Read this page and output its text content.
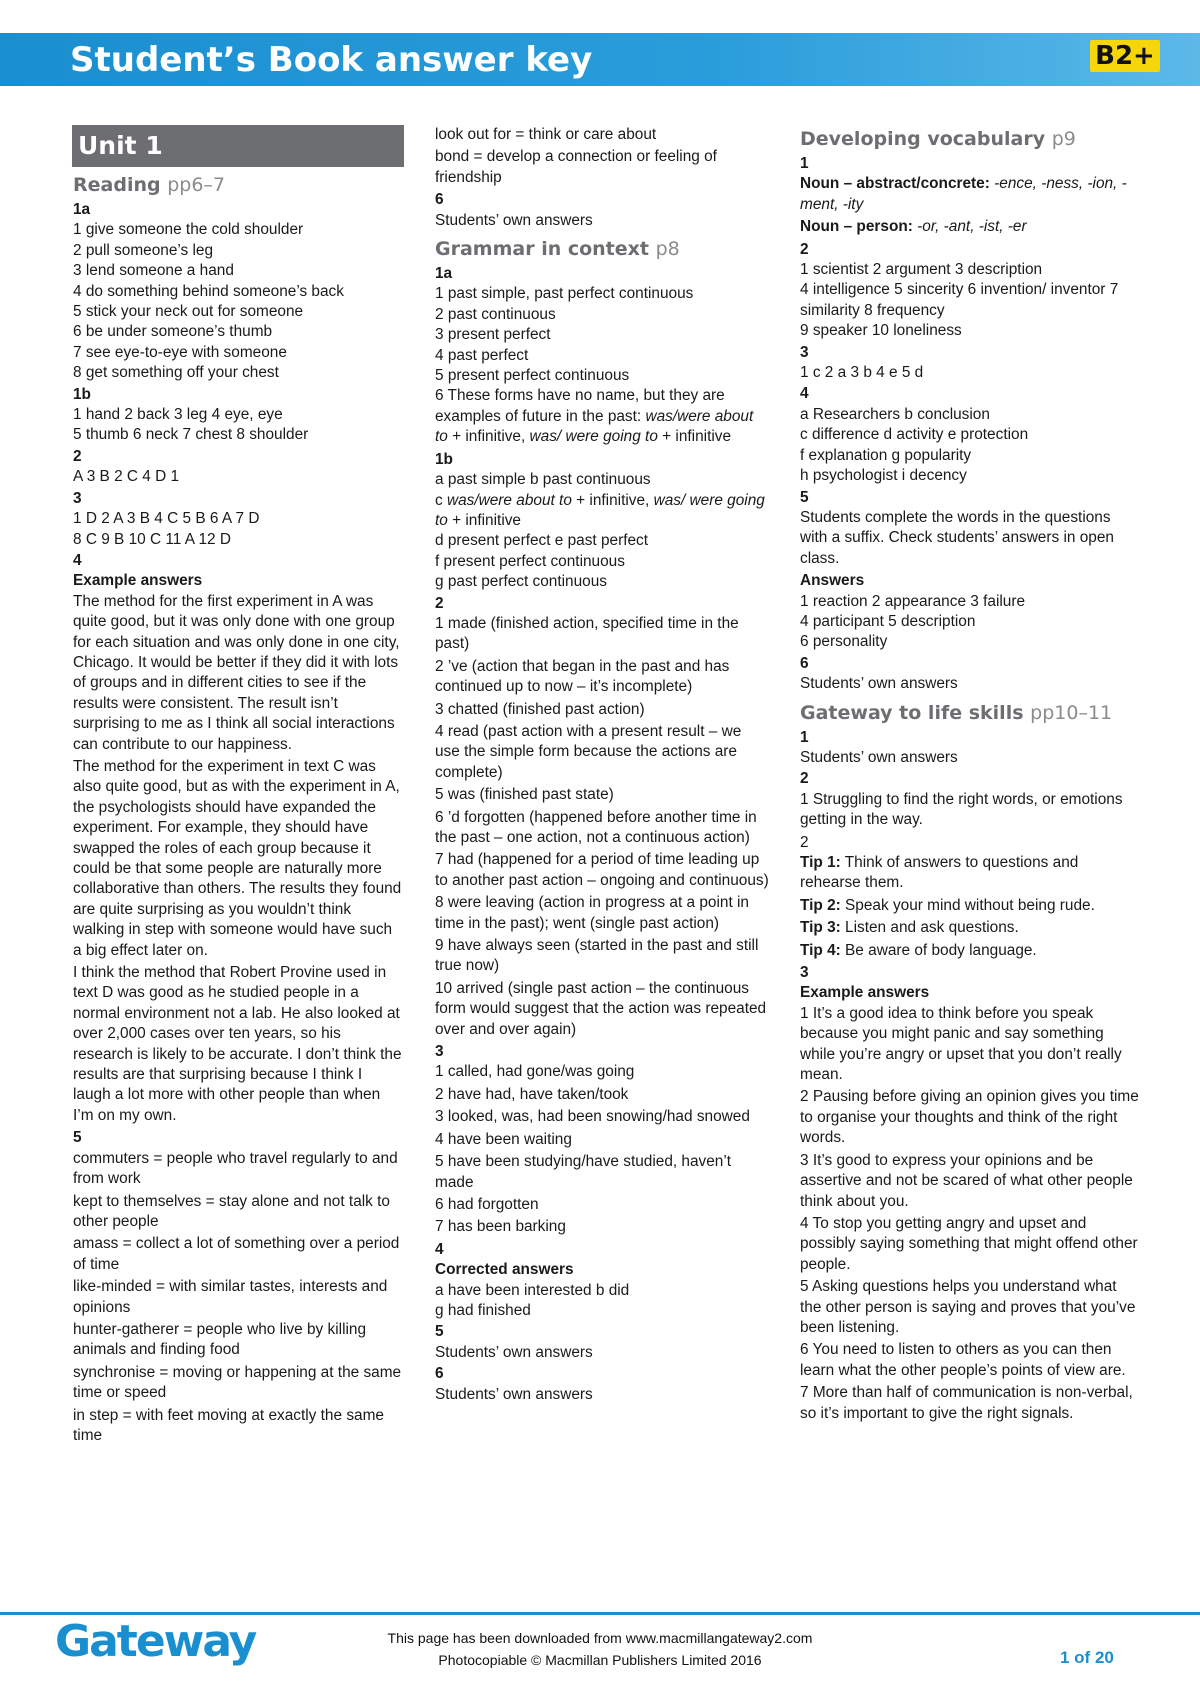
Student’s Book answer key	B2+
Unit 1
Reading pp6–7
1a
1 give someone the cold shoulder
2 pull someone’s leg
3 lend someone a hand
4 do something behind someone’s back
5 stick your neck out for someone
6 be under someone’s thumb
7 see eye-to-eye with someone
8 get something off your chest
1b
1 hand 2 back 3 leg 4 eye, eye
5 thumb 6 neck 7 chest 8 shoulder
2
A 3 B 2 C 4 D 1
3
1 D 2 A 3 B 4 C 5 B 6 A 7 D
8 C 9 B 10 C 11 A 12 D
4
Example answers
The method for the first experiment in A was quite good, but it was only done with one group for each situation and was only done in one city, Chicago. It would be better if they did it with lots of groups and in different cities to see if the results were consistent. The result isn’t surprising to me as I think all social interactions can contribute to our happiness.
The method for the experiment in text C was also quite good, but as with the experiment in A, the psychologists should have expanded the experiment. For example, they should have swapped the roles of each group because it could be that some people are naturally more collaborative than others. The results they found are quite surprising as you wouldn’t think walking in step with someone would have such a big effect later on.
I think the method that Robert Provine used in text D was good as he studied people in a normal environment not a lab. He also looked at over 2,000 cases over ten years, so his research is likely to be accurate. I don’t think the results are that surprising because I think I laugh a lot more with other people than when I’m on my own.
5
commuters = people who travel regularly to and from work
kept to themselves = stay alone and not talk to other people
amass = collect a lot of something over a period of time
like-minded = with similar tastes, interests and opinions
hunter-gatherer = people who live by killing animals and finding food
synchronise = moving or happening at the same time or speed
in step = with feet moving at exactly the same time
look out for = think or care about
bond = develop a connection or feeling of friendship
6
Students’ own answers
Grammar in context p8
1a
1 past simple, past perfect continuous
2 past continuous
3 present perfect
4 past perfect
5 present perfect continuous
6 These forms have no name, but they are examples of future in the past: was/were about to + infinitive, was/ were going to + infinitive
1b
a past simple b past continuous
c was/were about to + infinitive, was/ were going to + infinitive
d present perfect e past perfect
f present perfect continuous
g past perfect continuous
2
1 made (finished action, specified time in the past)
2 ’ve (action that began in the past and has continued up to now – it’s incomplete)
3 chatted (finished past action)
4 read (past action with a present result – we use the simple form because the actions are complete)
5 was (finished past state)
6 ’d forgotten (happened before another time in the past – one action, not a continuous action)
7 had (happened for a period of time leading up to another past action – ongoing and continuous)
8 were leaving (action in progress at a point in time in the past); went (single past action)
9 have always seen (started in the past and still true now)
10 arrived (single past action – the continuous form would suggest that the action was repeated over and over again)
3
1 called, had gone/was going
2 have had, have taken/took
3 looked, was, had been snowing/had snowed
4 have been waiting
5 have been studying/have studied, haven’t made
6 had forgotten
7 has been barking
4
Corrected answers
a have been interested b did
g had finished
5
Students’ own answers
6
Students’ own answers
Developing vocabulary p9
1
Noun – abstract/concrete: -ence, -ness, -ion, -ment, -ity
Noun – person: -or, -ant, -ist, -er
2
1 scientist 2 argument 3 description
4 intelligence 5 sincerity 6 invention/ inventor 7 similarity 8 frequency
9 speaker 10 loneliness
3
1 c 2 a 3 b 4 e 5 d
4
a Researchers b conclusion
c difference d activity e protection
f explanation g popularity
h psychologist i decency
5
Students complete the words in the questions with a suffix. Check students’ answers in open class.
Answers
1 reaction 2 appearance 3 failure
4 participant 5 description
6 personality
6
Students’ own answers
Gateway to life skills pp10–11
1
Students’ own answers
2
1 Struggling to find the right words, or emotions getting in the way.
2
Tip 1: Think of answers to questions and rehearse them.
Tip 2: Speak your mind without being rude.
Tip 3: Listen and ask questions.
Tip 4: Be aware of body language.
3
Example answers
1 It’s a good idea to think before you speak because you might panic and say something while you’re angry or upset that you don’t really mean.
2 Pausing before giving an opinion gives you time to organise your thoughts and think of the right words.
3 It’s good to express your opinions and be assertive and not be scared of what other people think about you.
4 To stop you getting angry and upset and possibly saying something that might offend other people.
5 Asking questions helps you understand what the other person is saying and proves that you’ve been listening.
6 You need to listen to others as you can then learn what the other people’s points of view are.
7 More than half of communication is non-verbal, so it’s important to give the right signals.
Gateway	This page has been downloaded from www.macmillangateway2.com
Photocopiable © Macmillan Publishers Limited 2016	1 of 20
